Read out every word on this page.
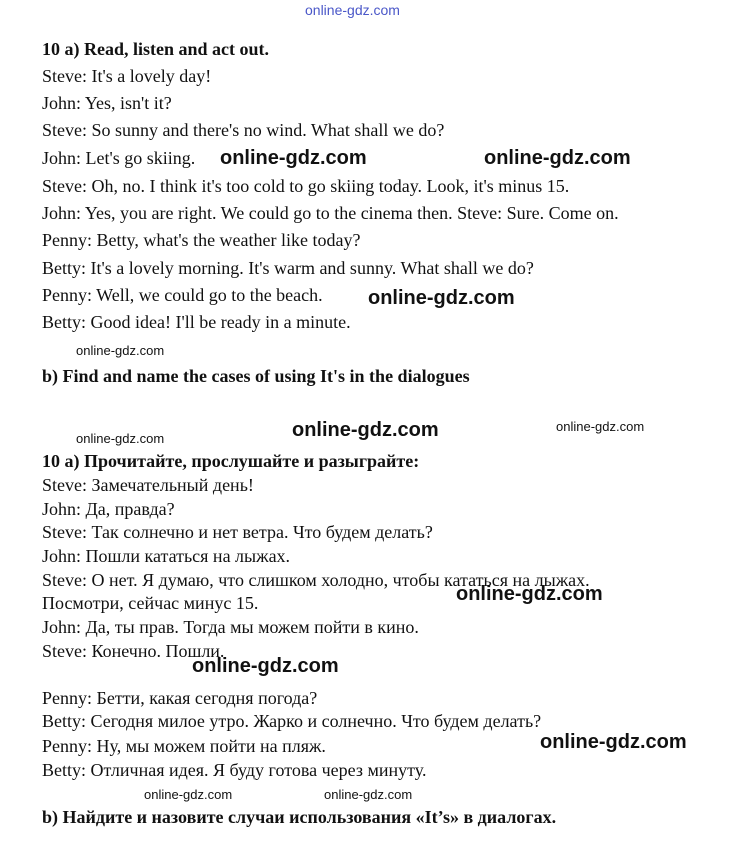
online-gdz.com
10 a) Read, listen and act out.
Steve: It's a lovely day!
John: Yes, isn't it?
Steve: So sunny and there's no wind. What shall we do?
John: Let's go skiing.
Steve: Oh, no. I think it's too cold to go skiing today. Look, it's minus 15.
John: Yes, you are right. We could go to the cinema then. Steve: Sure. Come on.
Penny: Betty, what's the weather like today?
Betty: It's a lovely morning. It's warm and sunny. What shall we do?
Penny: Well, we could go to the beach.
Betty: Good idea! I'll be ready in a minute.
b) Find and name the cases of using It's in the dialogues
10 а) Прочитайте, прослушайте и разыграйте:
Steve: Замечательный день!
John: Да, правда?
Steve: Так солнечно и нет ветра. Что будем делать?
John: Пошли кататься на лыжах.
Steve: О нет. Я думаю, что слишком холодно, чтобы кататься на лыжах.
Посмотри, сейчас минус 15.
John: Да, ты прав. Тогда мы можем пойти в кино.
Steve: Конечно. Пошли.
Penny: Бетти, какая сегодня погода?
Betty: Сегодня милое утро. Жарко и солнечно. Что будем делать?
Penny: Ну, мы можем пойти на пляж.
Betty: Отличная идея. Я буду готова через минуту.
b) Найдите и назовите случаи использования «It’s» в диалогах.
online-gdz.com	online-gdz.com
online-gdz.com
online-gdz.com
online-gdz.com	online-gdz.com	online-gdz.com
online-gdz.com
online-gdz.com
online-gdz.com
online-gdz.com	online-gdz.com
